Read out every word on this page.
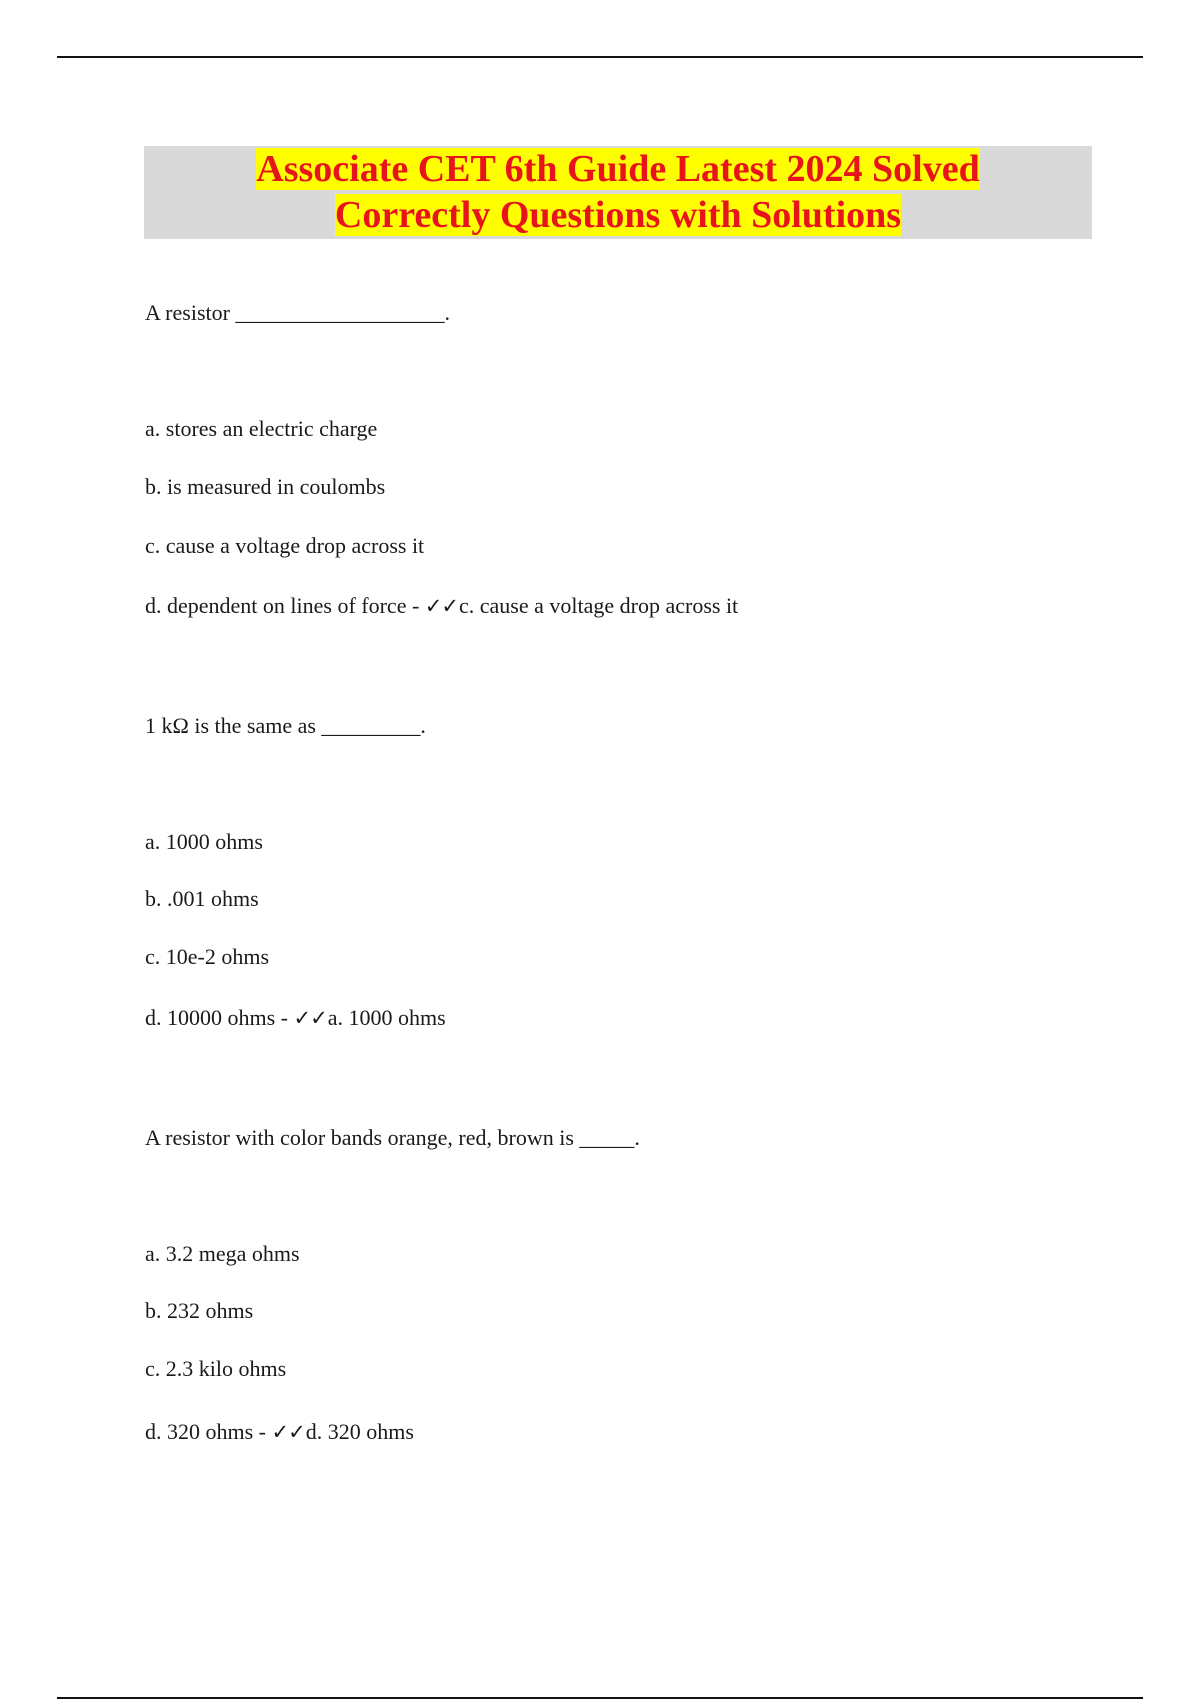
Associate CET 6th Guide Latest 2024 Solved
Correctly Questions with Solutions
A resistor ___________________.
a. stores an electric charge
b. is measured in coulombs
c. cause a voltage drop across it
d. dependent on lines of force - ✓✓c. cause a voltage drop across it
1 kΩ is the same as _________.
a. 1000 ohms
b. .001 ohms
c. 10e-2 ohms
d. 10000 ohms - ✓✓a. 1000 ohms
A resistor with color bands orange, red, brown is _____.
a. 3.2 mega ohms
b. 232 ohms
c. 2.3 kilo ohms
d. 320 ohms - ✓✓d. 320 ohms
